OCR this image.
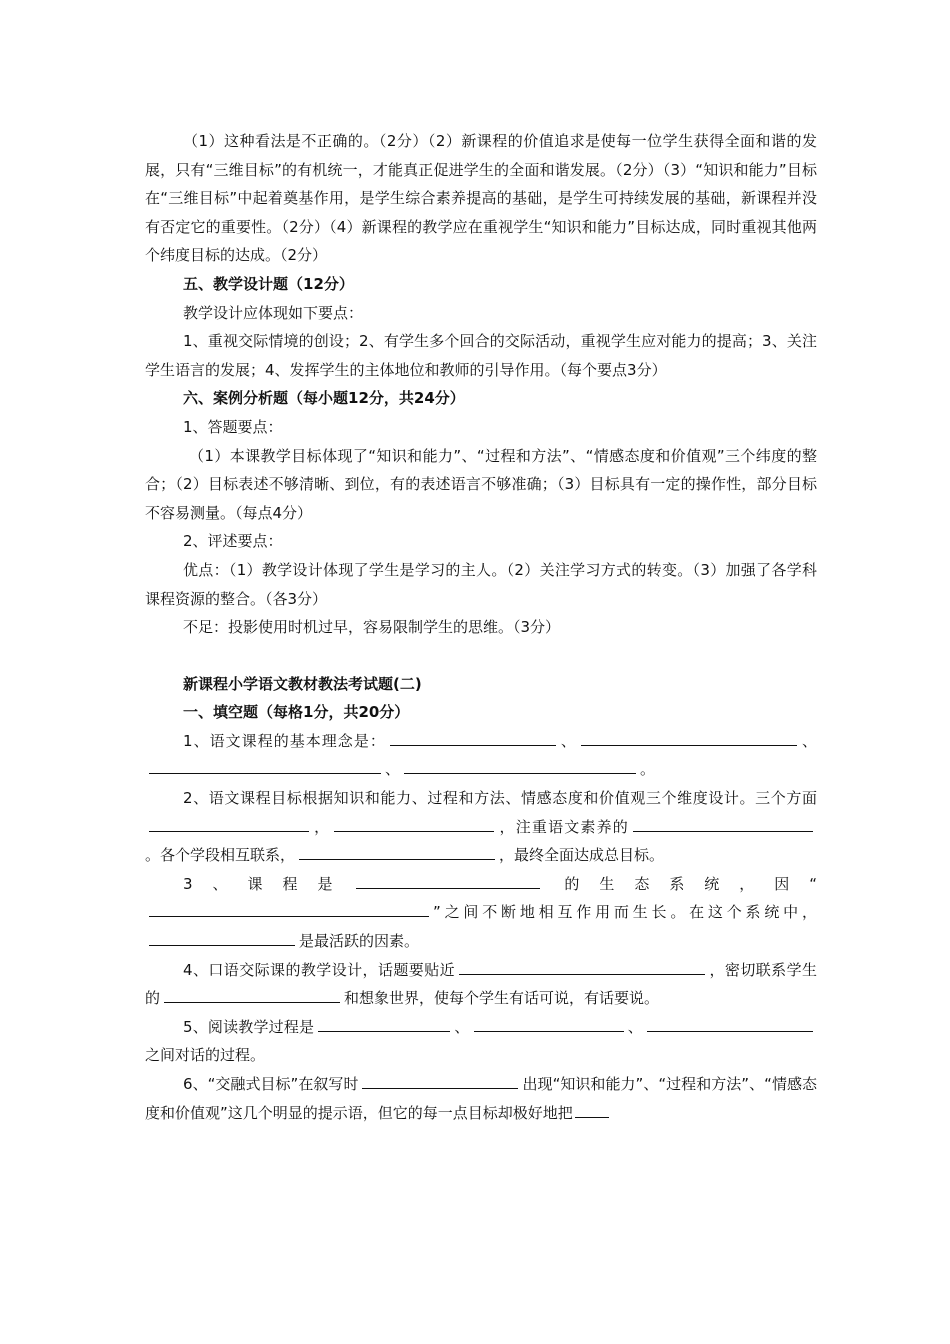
（1）这种看法是不正确的。（2分）（2）新课程的价值追求是使每一位学生获得全面和谐的发展，只有“三维目标”的有机统一，才能真正促进学生的全面和谐发展。（2分）（3）“知识和能力”目标在“三维目标”中起着奠基作用，是学生综合素养提高的基础，是学生可持续发展的基础，新课程并没有否定它的重要性。（2分）（4）新课程的教学应在重视学生“知识和能力”目标达成，同时重视其他两个纬度目标的达成。（2分）

五、教学设计题（12分）

教学设计应体现如下要点：

1、重视交际情境的创设；2、有学生多个回合的交际活动，重视学生应对能力的提高；3、关注学生语言的发展；4、发挥学生的主体地位和教师的引导作用。（每个要点3分）

六、案例分析题（每小题12分，共24分）

1、答题要点：

（1）本课教学目标体现了“知识和能力”、“过程和方法”、“情感态度和价值观”三个纬度的整合；（2）目标表述不够清晰、到位，有的表述语言不够准确；（3）目标具有一定的操作性，部分目标不容易测量。（每点4分）

2、评述要点：

优点：（1）教学设计体现了学生是学习的主人。（2）关注学习方式的转变。（3）加强了各学科课程资源的整合。（各3分）

不足：投影使用时机过早，容易限制学生的思维。（3分）

新课程小学语文教材教法考试题(二)

一、填空题（每格1分，共20分）

1、语文课程的基本理念是：	、	、、	。

2、语文课程目标根据知识和能力、过程和方法、情感态度和价值观三个维度设计。三个方面，	，注重语文素养的。各个学段相互联系，	，最终全面达成总目标。

3、课程是	的生态系统，因“”之间不断地相互作用而生长。在这个系统中，是最活跃的因素。

4、口语交际课的教学设计，话题要贴近	，密切联系学生的	和想象世界，使每个学生有话可说，有话要说。

5、阅读教学过程是	、	、之间对话的过程。

6、“交融式目标”在叙写时	出现“知识和能力”、“过程和方法”、“情感态度和价值观”这几个明显的提示语，但它的每一点目标却极好地把
